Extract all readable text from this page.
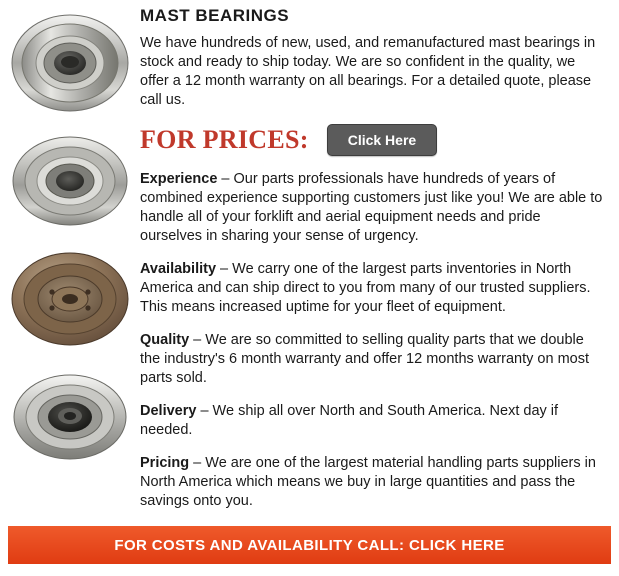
MAST BEARINGS

We have hundreds of new, used, and remanufactured mast bearings in stock and ready to ship today. We are so confident in the quality, we offer a 12 month warranty on all bearings. For a detailed quote, please call us.

FOR PRICES:	Click Here

Experience – Our parts professionals have hundreds of years of combined experience supporting customers just like you! We are able to handle all of your forklift and aerial equipment needs and pride ourselves in sharing your sense of urgency.

Availability – We carry one of the largest parts inventories in North America and can ship direct to you from many of our trusted suppliers. This means increased uptime for your fleet of equipment.

Quality – We are so committed to selling quality parts that we double the industry's 6 month warranty and offer 12 months warranty on most parts sold.

Delivery – We ship all over North and South America. Next day if needed.

Pricing – We are one of the largest material handling parts suppliers in North America which means we buy in large quantities and pass the savings onto you.

FOR COSTS AND AVAILABILITY CALL: CLICK HERE
